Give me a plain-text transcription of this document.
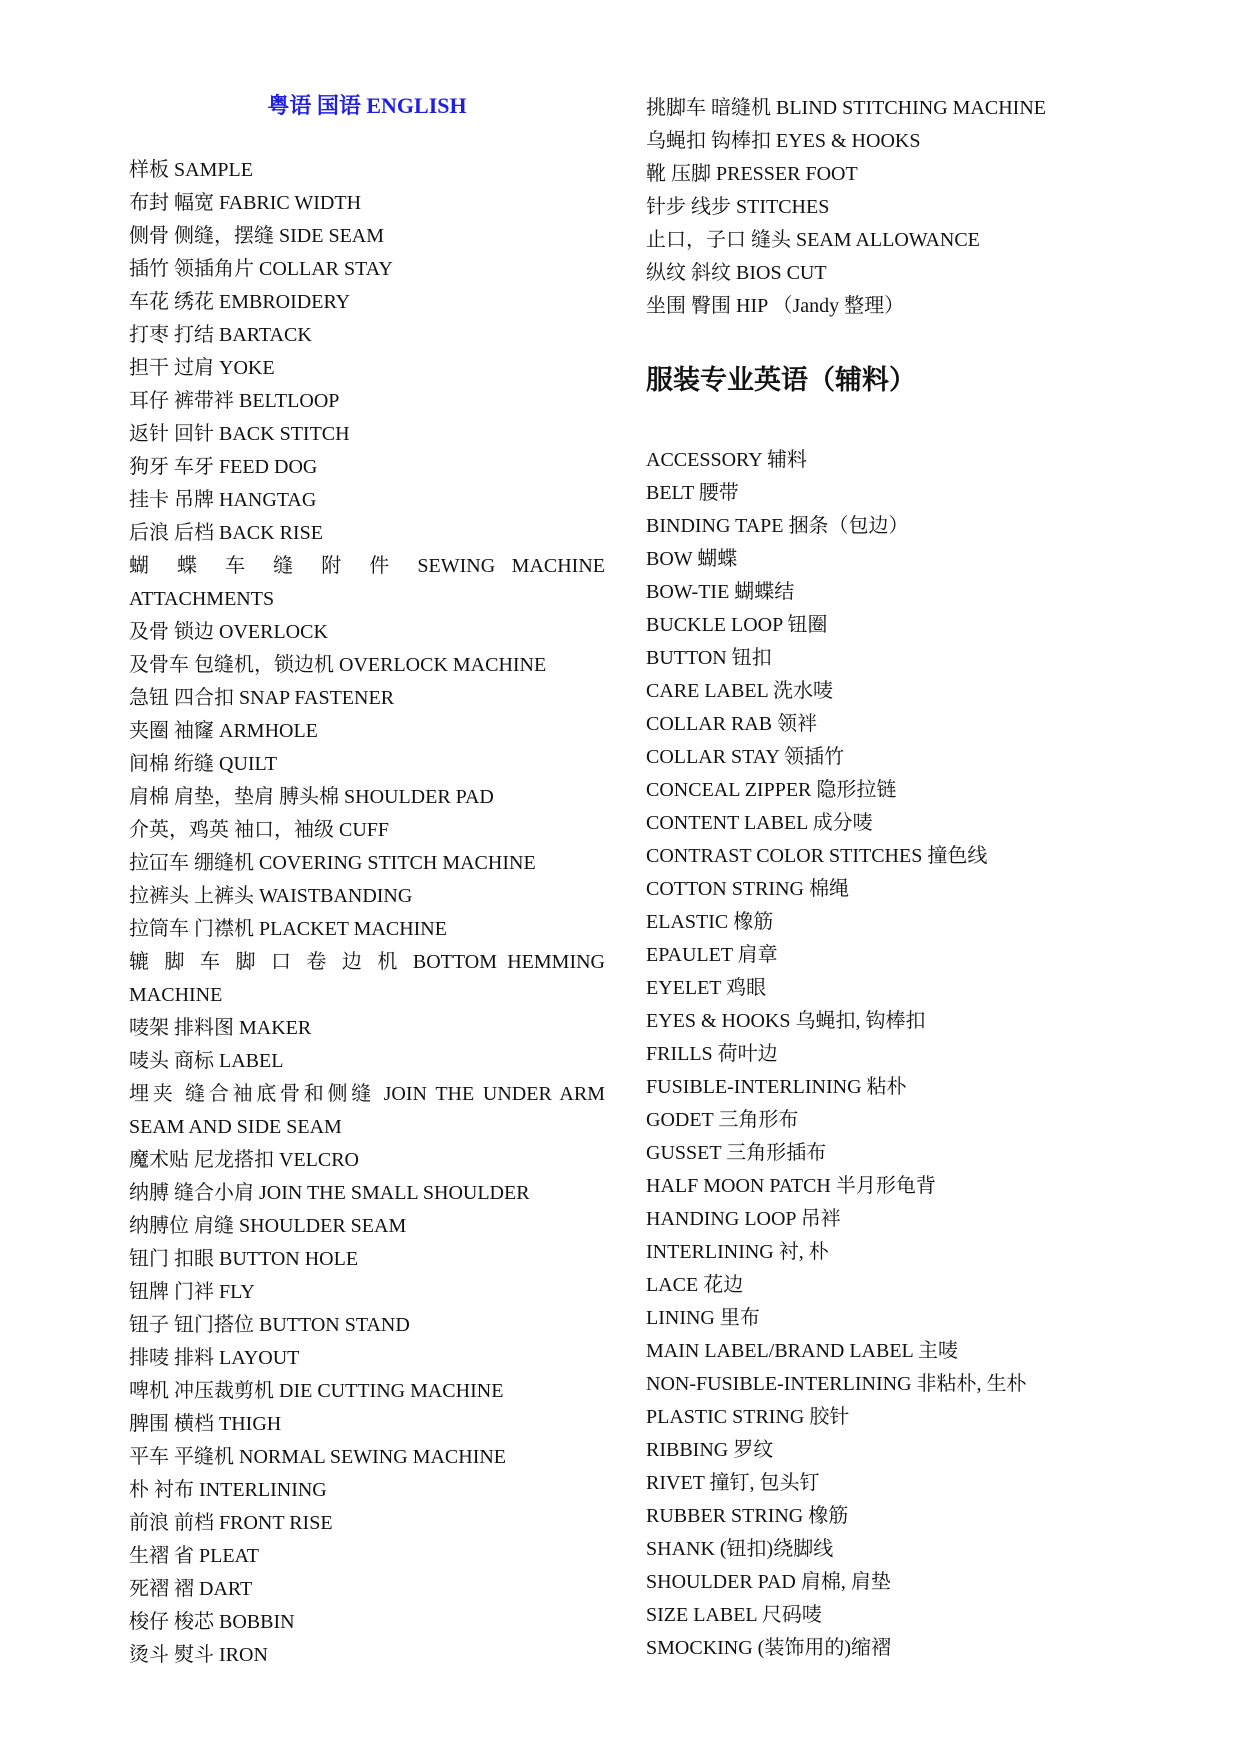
粤语 国语 ENGLISH
样板 SAMPLE
布封 幅宽 FABRIC WIDTH
侧骨 侧缝，摆缝 SIDE SEAM
插竹 领插角片 COLLAR STAY
车花 绣花 EMBROIDERY
打枣 打结 BARTACK
担干 过肩 YOKE
耳仔 裤带袢 BELTLOOP
返针 回针 BACK STITCH
狗牙 车牙 FEED DOG
挂卡 吊牌 HANGTAG
后浪 后档 BACK RISE
蝴 蝶 车 缝 附 件 SEWING MACHINE
ATTACHMENTS
及骨 锁边 OVERLOCK
及骨车 包缝机，锁边机 OVERLOCK MACHINE
急钮 四合扣 SNAP FASTENER
夹圈 袖窿 ARMHOLE
间棉 绗缝 QUILT
肩棉 肩垫，垫肩 膊头棉 SHOULDER PAD
介英，鸡英 袖口，袖级 CUFF
拉冚车 绷缝机 COVERING STITCH MACHINE
拉裤头 上裤头 WAISTBANDING
拉筒车 门襟机 PLACKET MACHINE
辘 脚 车 脚 口 卷 边 机 BOTTOM HEMMING
MACHINE
唛架 排料图 MAKER
唛头 商标 LABEL
埋夹 缝合袖底骨和侧缝 JOIN THE UNDER ARM
SEAM AND SIDE SEAM
魔术贴 尼龙搭扣 VELCRO
纳膊 缝合小肩 JOIN THE SMALL SHOULDER
纳膊位 肩缝 SHOULDER SEAM
钮门 扣眼 BUTTON HOLE
钮牌 门袢 FLY
钮子 钮门搭位 BUTTON STAND
排唛 排料 LAYOUT
啤机 冲压裁剪机 DIE CUTTING MACHINE
脾围 横档 THIGH
平车 平缝机 NORMAL SEWING MACHINE
朴 衬布 INTERLINING
前浪 前档 FRONT RISE
生褶 省 PLEAT
死褶 褶 DART
梭仔 梭芯 BOBBIN
烫斗 熨斗 IRON
挑脚车 暗缝机 BLIND STITCHING MACHINE
乌蝇扣 钩棒扣 EYES & HOOKS
靴 压脚 PRESSER FOOT
针步 线步 STITCHES
止口，子口 缝头 SEAM ALLOWANCE
纵纹 斜纹 BIOS CUT
坐围 臀围 HIP （Jandy 整理）
服装专业英语（辅料）
ACCESSORY 辅料
BELT 腰带
BINDING TAPE 捆条（包边）
BOW 蝴蝶
BOW-TIE 蝴蝶结
BUCKLE LOOP 钮圈
BUTTON 钮扣
CARE LABEL 洗水唛
COLLAR RAB 领袢
COLLAR STAY 领插竹
CONCEAL ZIPPER 隐形拉链
CONTENT LABEL 成分唛
CONTRAST COLOR STITCHES 撞色线
COTTON STRING 棉绳
ELASTIC 橡筋
EPAULET 肩章
EYELET 鸡眼
EYES & HOOKS 乌蝇扣, 钩棒扣
FRILLS 荷叶边
FUSIBLE-INTERLINING 粘朴
GODET 三角形布
GUSSET 三角形插布
HALF MOON PATCH 半月形龟背
HANDING LOOP 吊袢
INTERLINING 衬, 朴
LACE 花边
LINING 里布
MAIN LABEL/BRAND LABEL 主唛
NON-FUSIBLE-INTERLINING 非粘朴, 生朴
PLASTIC STRING 胶针
RIBBING 罗纹
RIVET 撞钉, 包头钉
RUBBER STRING 橡筋
SHANK (钮扣)绕脚线
SHOULDER PAD 肩棉, 肩垫
SIZE LABEL 尺码唛
SMOCKING (装饰用的)缩褶
